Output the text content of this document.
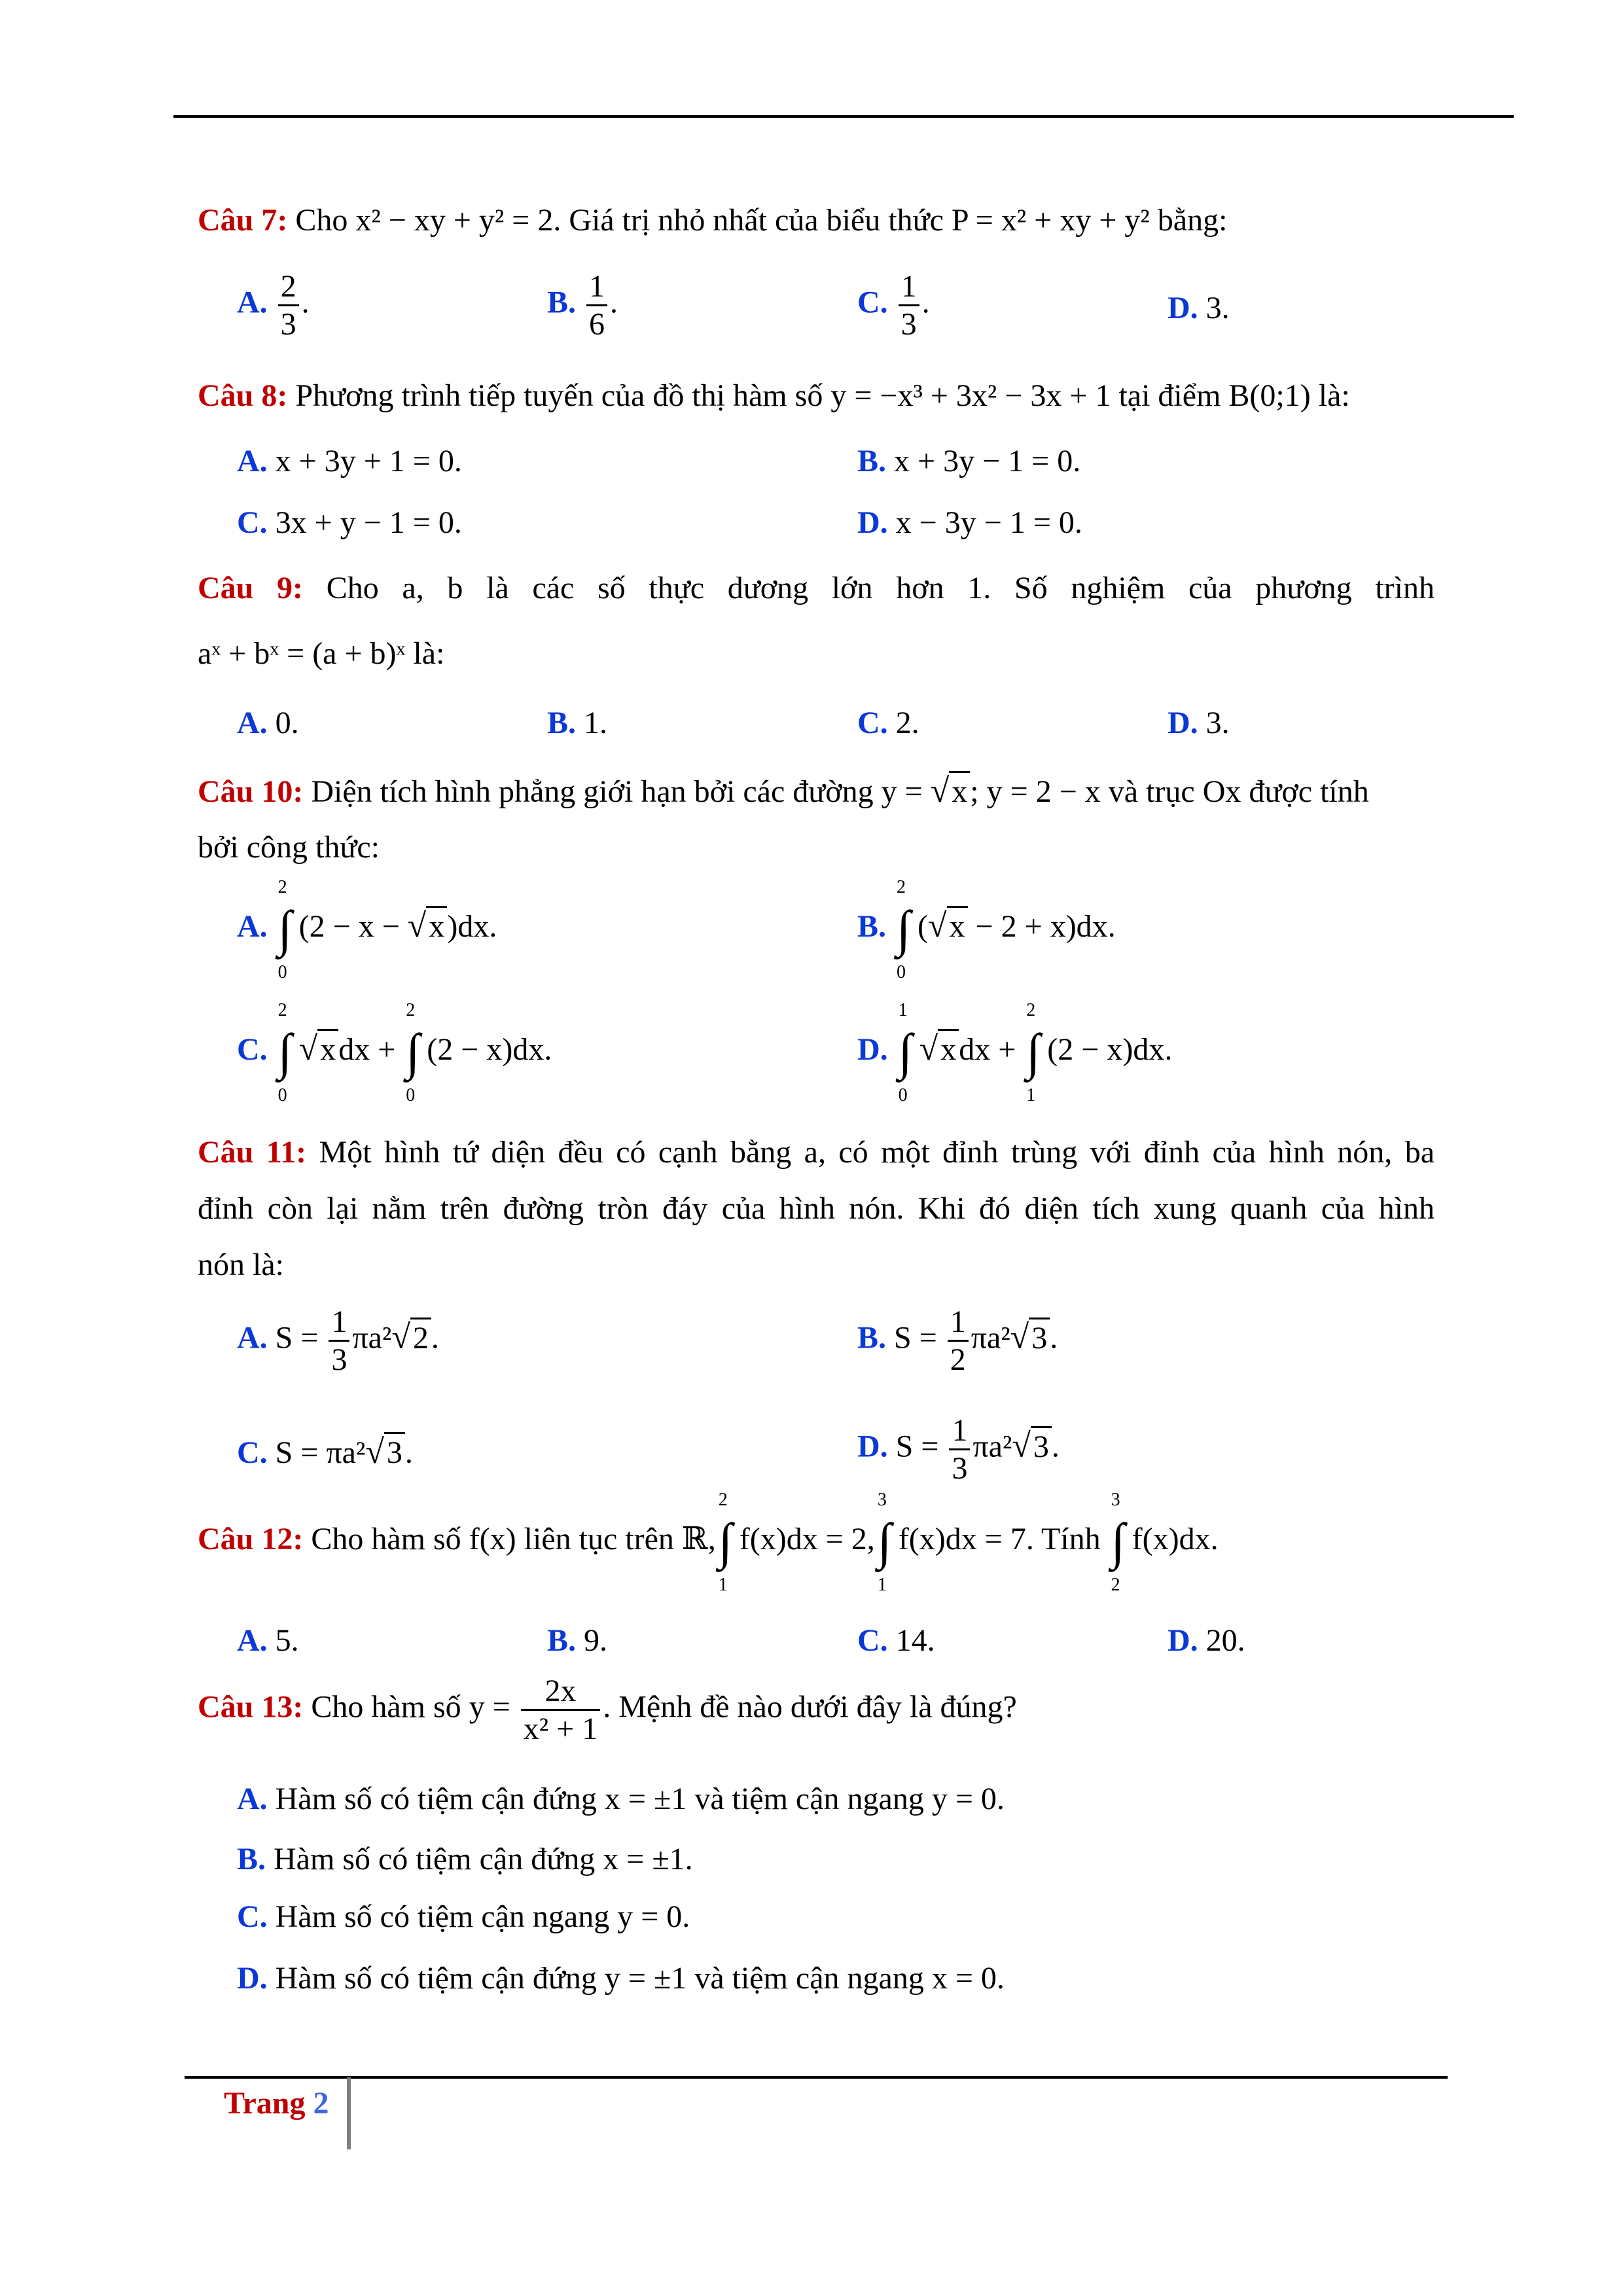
Câu 7: Cho x² − xy + y² = 2. Giá trị nhỏ nhất của biểu thức P = x² + xy + y² bằng:
A. $\frac{2}{3}$ .	B. $\frac{1}{6}$ .	C. $\frac{1}{3}$ .	D. 3.
Câu 8: Phương trình tiếp tuyến của đồ thị hàm số y = −x³ + 3x² − 3x + 1 tại điểm B(0;1) là:
A. x + 3y + 1 = 0.	B. x + 3y − 1 = 0.
C. 3x + y − 1 = 0.	D. x − 3y − 1 = 0.
Câu 9: Cho a, b là các số thực dương lớn hơn 1. Số nghiệm của phương trình
aˣ + bˣ = (a + b)ˣ là:
A. 0.	B. 1.	C. 2.	D. 3.
Câu 10: Diện tích hình phẳng giới hạn bởi các đường y = √x; y = 2 − x và trục Ox được tính
bởi công thức:
A.
2
∫
0
(2 − x − √x)dx.	B.
2
∫
0
(√x − 2 + x)dx.
C.
2
∫
0
√xdx +
2
∫
0
(2 − x)dx.	D.
1
∫
0
√xdx +
2
∫
1
(2 − x)dx.
Câu 11: Một hình tứ diện đều có cạnh bằng a, có một đỉnh trùng với đỉnh của hình nón, ba
đỉnh còn lại nằm trên đường tròn đáy của hình nón. Khi đó diện tích xung quanh của hình
nón là:
A. $S = \frac{1}{3} \pi a^2√2$.	B. $S = \frac{1}{2} \pi a^2√3$.
C. S = πa²√3.	D. $S = \frac{1}{3} \pi a^2√3$.
Câu 12: Cho hàm số f(x) liên tục trên ℝ,
2
∫
1
f(x)dx = 2,
3
∫
1
f(x)dx = 7. Tính
3
∫
2
f(x)dx.
A. 5.	B. 9.	C. 14.	D. 20.
Câu 13: Cho hàm số $y = \frac{2x}{\text{x² + 1}}$ . Mệnh đề nào dưới đây là đúng?
A. Hàm số có tiệm cận đứng x = ±1 và tiệm cận ngang y = 0.
B. Hàm số có tiệm cận đứng x = ±1.
C. Hàm số có tiệm cận ngang y = 0.
D. Hàm số có tiệm cận đứng y = ±1 và tiệm cận ngang x = 0.
Trang 2
